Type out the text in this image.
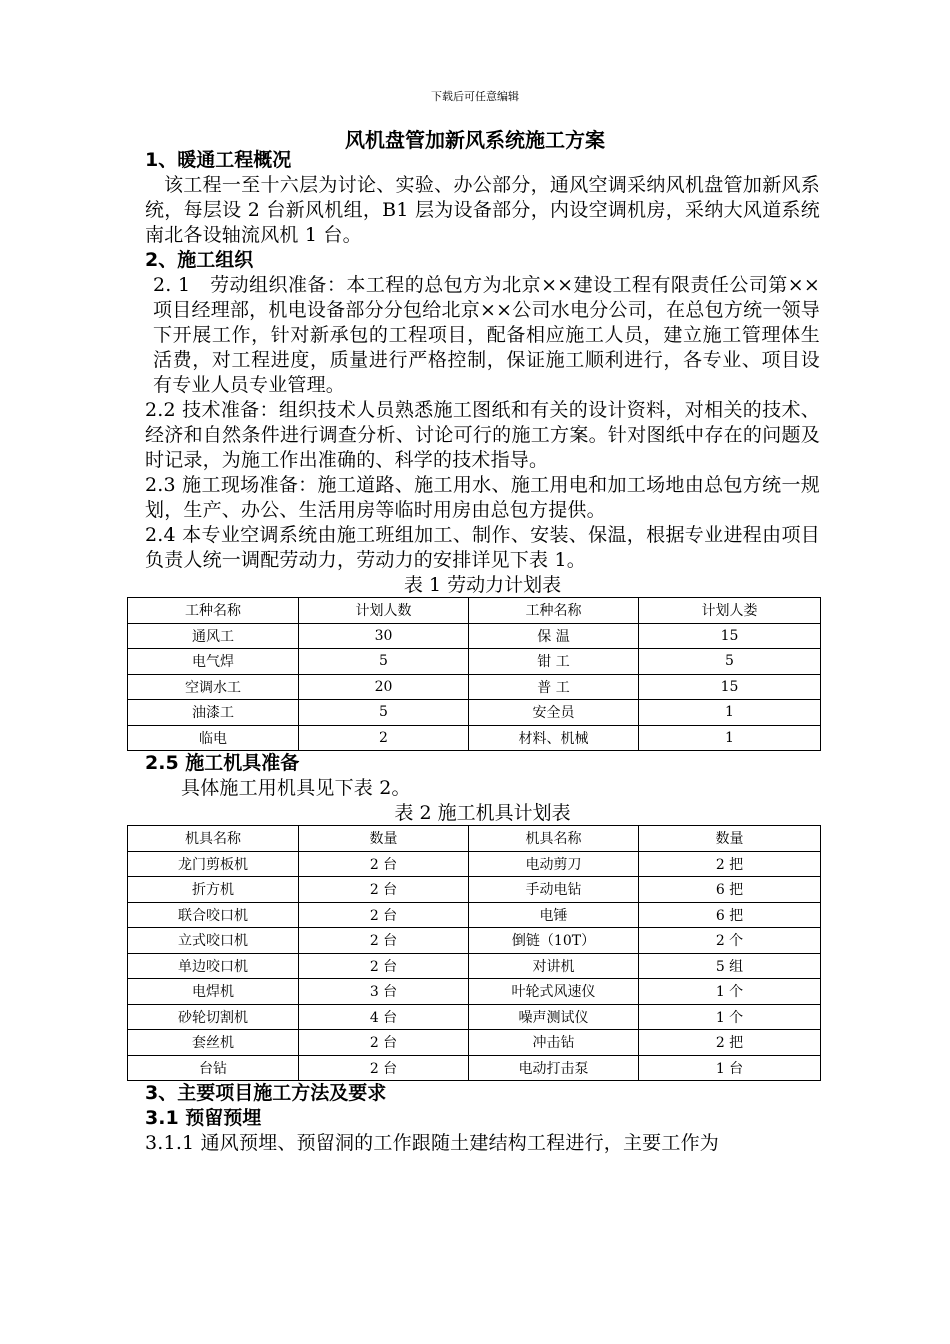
下载后可任意编辑
风机盘管加新风系统施工方案
1、暖通工程概况
该工程一至十六层为讨论、实验、办公部分，通风空调采纳风机盘管加新风系统，每层设 2 台新风机组，B1 层为设备部分，内设空调机房，采纳大风道系统南北各设轴流风机 1 台。
2、施工组织
2. 1　劳动组织准备：本工程的总包方为北京××建设工程有限责任公司第××项目经理部，机电设备部分分包给北京××公司水电分公司，在总包方统一领导下开展工作，针对新承包的工程项目，配备相应施工人员，建立施工管理体生活费，对工程进度，质量进行严格控制，保证施工顺利进行，各专业、项目设有专业人员专业管理。
2.2 技术准备：组织技术人员熟悉施工图纸和有关的设计资料，对相关的技术、经济和自然条件进行调查分析、讨论可行的施工方案。针对图纸中存在的问题及时记录，为施工作出准确的、科学的技术指导。
2.3 施工现场准备：施工道路、施工用水、施工用电和加工场地由总包方统一规划，生产、办公、生活用房等临时用房由总包方提供。
2.4 本专业空调系统由施工班组加工、制作、安装、保温，根据专业进程由项目负责人统一调配劳动力，劳动力的安排详见下表 1。
表 1 劳动力计划表
工种名称	计划人数	工种名称	计划人娄
通风工	30	保 温	15
电气焊	5	钳 工	5
空调水工	20	普 工	15
油漆工	5	安全员	1
临电	2	材料、机械	1
2.5 施工机具准备
具体施工用机具见下表 2。
表 2 施工机具计划表
机具名称	数量	机具名称	数量
龙门剪板机	2 台	电动剪刀	2 把
折方机	2 台	手动电钻	6 把
联合咬口机	2 台	电锤	6 把
立式咬口机	2 台	倒链（10T）	2 个
单边咬口机	2 台	对讲机	5 组
电焊机	3 台	叶轮式风速仪	1 个
砂轮切割机	4 台	噪声测试仪	1 个
套丝机	2 台	冲击钻	2 把
台钻	2 台	电动打击泵	1 台
3、主要项目施工方法及要求
3.1 预留预埋
3.1.1 通风预埋、预留洞的工作跟随土建结构工程进行，主要工作为
